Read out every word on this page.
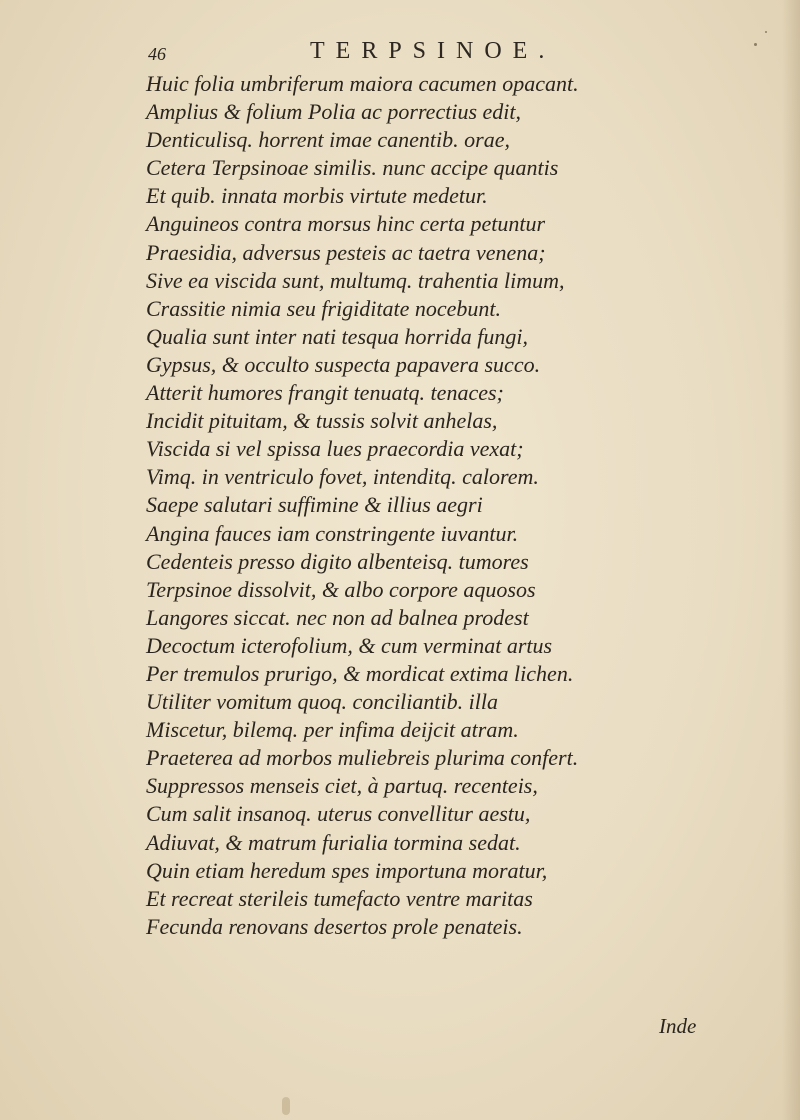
46	TERPSINOE.
Huic folia umbriferum maiora cacumen opacant.
Amplius & folium Polia ac porrectius edit,
Denticulisq. horrent imae canentib. orae,
Cetera Terpsinoae similis. nunc accipe quantis
Et quib. innata morbis virtute medetur.
Anguineos contra morsus hinc certa petuntur
Praesidia, adversus pesteis ac taetra venena;
Sive ea viscida sunt, multumq. trahentia limum,
Crassitie nimia seu frigiditate nocebunt.
Qualia sunt inter nati tesqua horrida fungi,
Gypsus, & occulto suspecta papavera succo.
Atterit humores frangit tenuatq. tenaces;
Incidit pituitam, & tussis solvit anhelas,
Viscida si vel spissa lues praecordia vexat;
Vimq. in ventriculo fovet, intenditq. calorem.
Saepe salutari suffimine & illius aegri
Angina fauces iam constringente iuvantur.
Cedenteis presso digito albenteisq. tumores
Terpsinoe dissolvit, & albo corpore aquosos
Langores siccat. nec non ad balnea prodest
Decoctum icterofolium, & cum verminat artus
Per tremulos prurigo, & mordicat extima lichen.
Utiliter vomitum quoq. conciliantib. illa
Miscetur, bilemq. per infima deijcit atram.
Praeterea ad morbos muliebreis plurima confert.
Suppressos menseis ciet, à partuq. recenteis,
Cum salit insanoq. uterus convellitur aestu,
Adiuvat, & matrum furialia tormina sedat.
Quin etiam heredum spes importuna moratur,
Et recreat sterileis tumefacto ventre maritas
Fecunda renovans desertos prole penateis.
Inde
